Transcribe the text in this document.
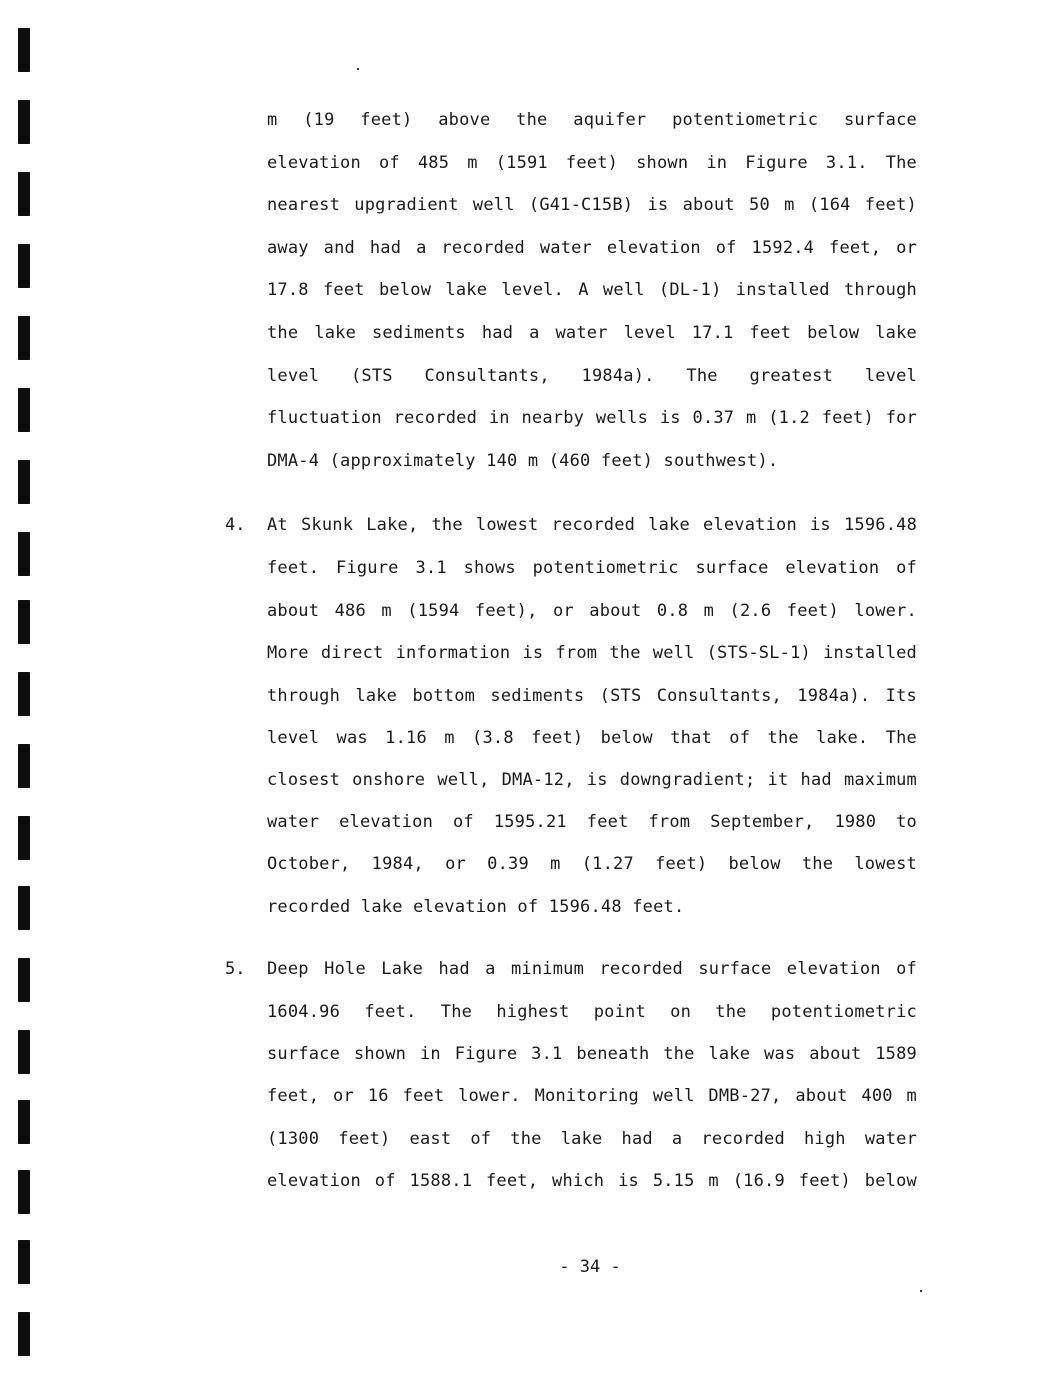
m (19 feet) above the aquifer potentiometric surface
elevation of 485 m (1591 feet) shown in Figure 3.1. The
nearest upgradient well (G41-C15B) is about 50 m (164 feet)
away and had a recorded water elevation of 1592.4 feet, or
17.8 feet below lake level. A well (DL-1) installed through
the lake sediments had a water level 17.1 feet below lake
level (STS Consultants, 1984a). The greatest level
fluctuation recorded in nearby wells is 0.37 m (1.2 feet) for
DMA-4 (approximately 140 m (460 feet) southwest).
4. At Skunk Lake, the lowest recorded lake elevation is 1596.48
feet. Figure 3.1 shows potentiometric surface elevation of
about 486 m (1594 feet), or about 0.8 m (2.6 feet) lower.
More direct information is from the well (STS-SL-1) installed
through lake bottom sediments (STS Consultants, 1984a). Its
level was 1.16 m (3.8 feet) below that of the lake. The
closest onshore well, DMA-12, is downgradient; it had maximum
water elevation of 1595.21 feet from September, 1980 to
October, 1984, or 0.39 m (1.27 feet) below the lowest
recorded lake elevation of 1596.48 feet.
5. Deep Hole Lake had a minimum recorded surface elevation of
1604.96 feet. The highest point on the potentiometric
surface shown in Figure 3.1 beneath the lake was about 1589
feet, or 16 feet lower. Monitoring well DMB-27, about 400 m
(1300 feet) east of the lake had a recorded high water
elevation of 1588.1 feet, which is 5.15 m (16.9 feet) below
- 34 -
